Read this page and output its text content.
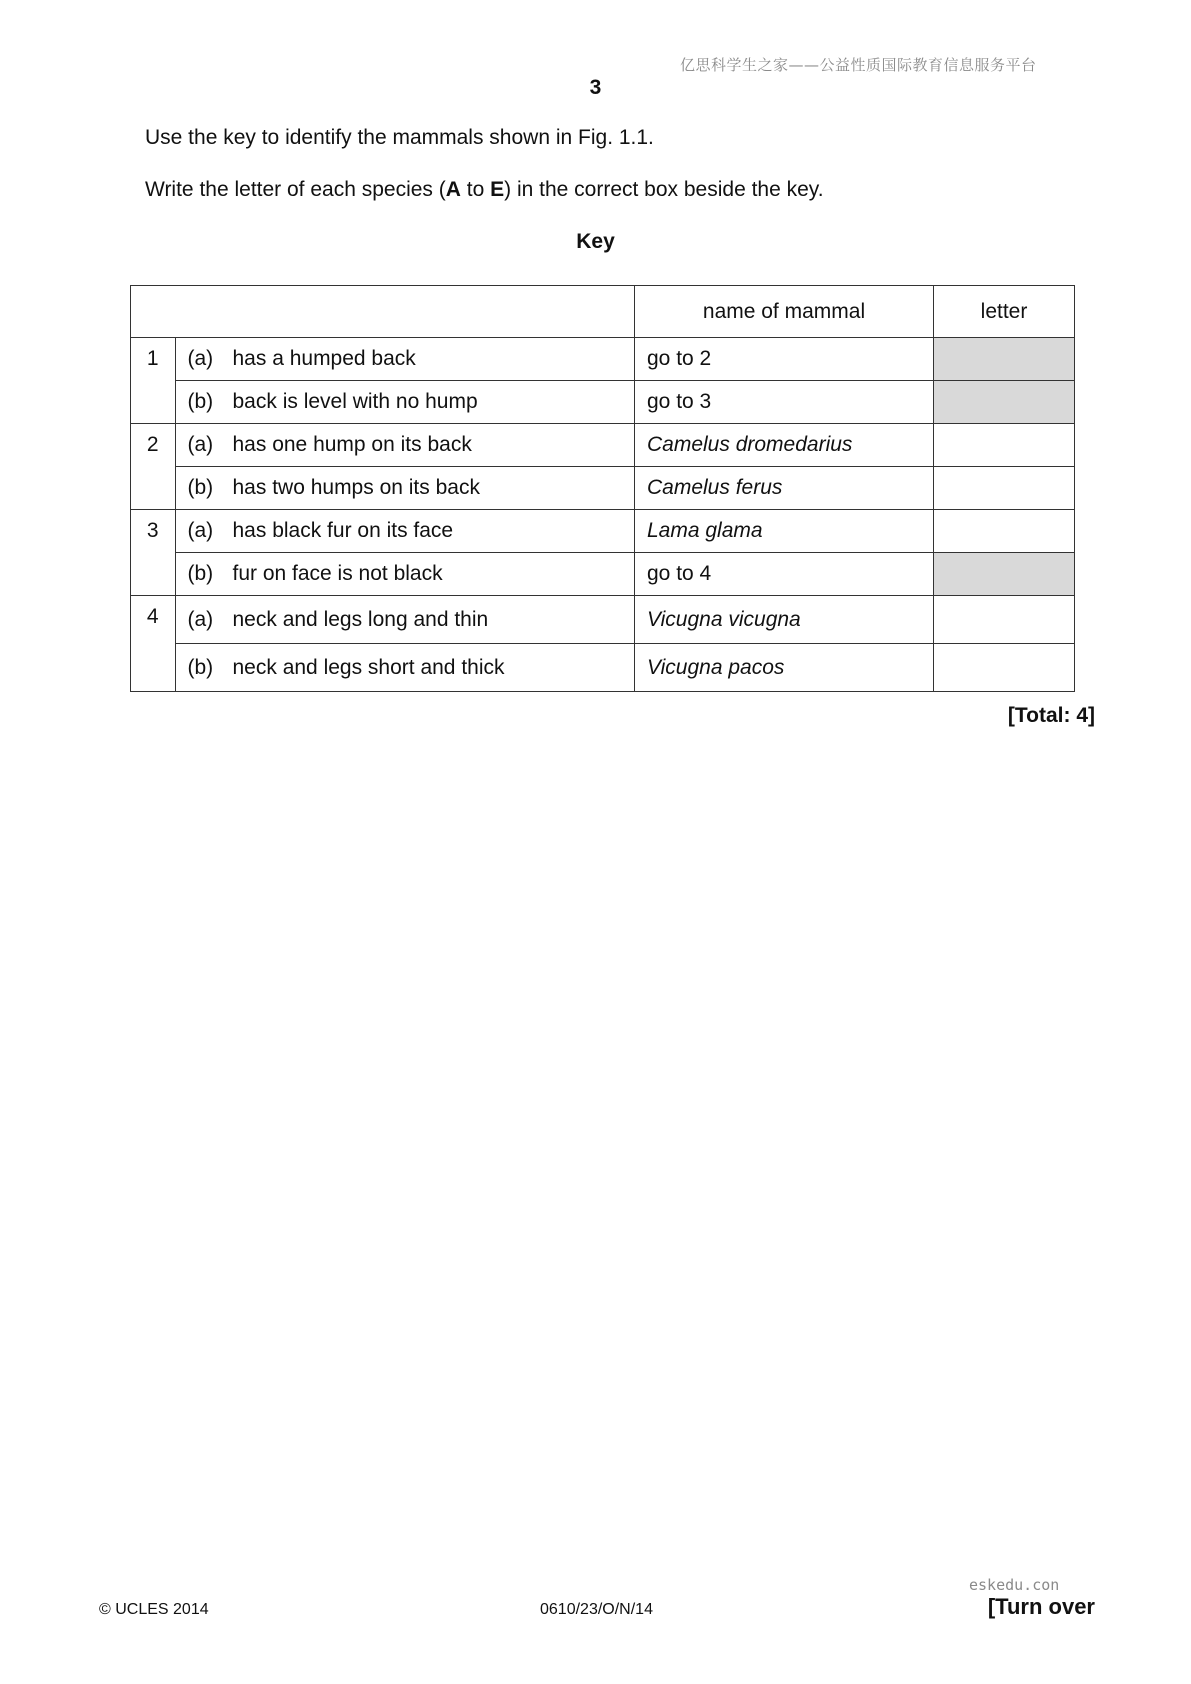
亿思科学生之家——公益性质国际教育信息服务平台
3
Use the key to identify the mammals shown in Fig. 1.1.
Write the letter of each species (A to E) in the correct box beside the key.
Key
		name of mammal	letter
1	(a) has a humped back	go to 2	
	(b) back is level with no hump	go to 3	
2	(a) has one hump on its back	Camelus dromedarius	
	(b) has two humps on its back	Camelus ferus	
3	(a) has black fur on its face	Lama glama	
	(b) fur on face is not black	go to 4	
4	(a) neck and legs long and thin	Vicugna vicugna	
	(b) neck and legs short and thick	Vicugna pacos	
[Total: 4]
eskedu.con
© UCLES 2014	0610/23/O/N/14	[Turn over
